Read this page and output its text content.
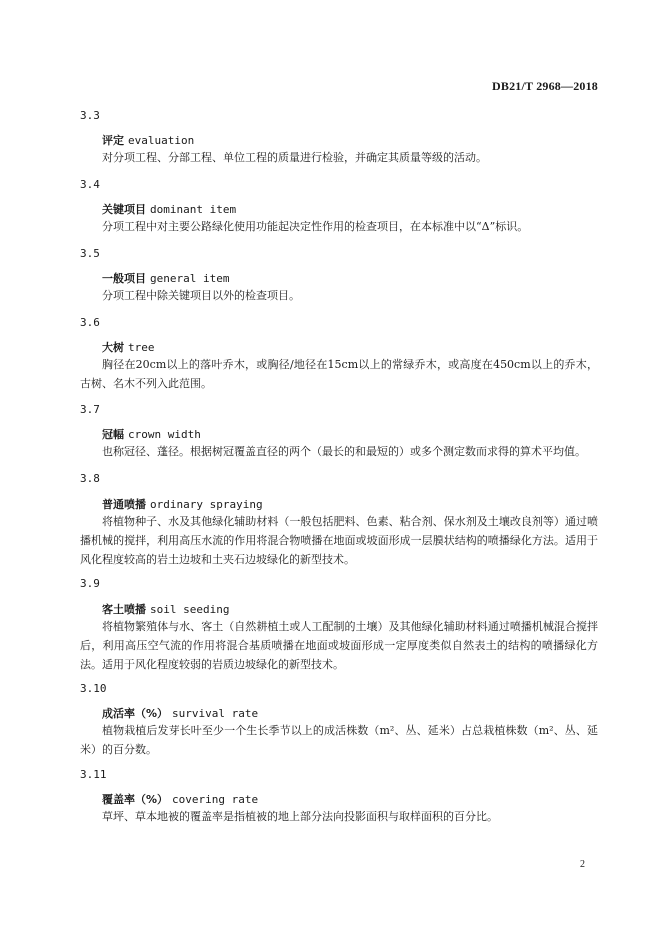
DB21/T 2968—2018
3.3
评定 evaluation

对分项工程、分部工程、单位工程的质量进行检验，并确定其质量等级的活动。

3.4
关键项目 dominant item

分项工程中对主要公路绿化使用功能起决定性作用的检查项目，在本标准中以“Δ”标识。

3.5
一般项目 general item

分项工程中除关键项目以外的检查项目。

3.6
大树 tree

胸径在20cm以上的落叶乔木，或胸径/地径在15cm以上的常绿乔木，或高度在450cm以上的乔木，古树、名木不列入此范围。

3.7
冠幅 crown width

也称冠径、蓬径。根据树冠覆盖直径的两个（最长的和最短的）或多个测定数而求得的算术平均值。

3.8
普通喷播 ordinary spraying

将植物种子、水及其他绿化辅助材料（一般包括肥料、色素、粘合剂、保水剂及土壤改良剂等）通过喷播机械的搅拌，利用高压水流的作用将混合物喷播在地面或坡面形成一层膜状结构的喷播绿化方法。适用于风化程度较高的岩土边坡和土夹石边坡绿化的新型技术。

3.9
客土喷播 soil seeding

将植物繁殖体与水、客土（自然耕植土或人工配制的土壤）及其他绿化辅助材料通过喷播机械混合搅拌后，利用高压空气流的作用将混合基质喷播在地面或坡面形成一定厚度类似自然表土的结构的喷播绿化方法。适用于风化程度较弱的岩质边坡绿化的新型技术。

3.10
成活率（%） survival rate

植物栽植后发芽长叶至少一个生长季节以上的成活株数（m²、丛、延米）占总栽植株数（m²、丛、延米）的百分数。

3.11
覆盖率（%） covering rate

草坪、草本地被的覆盖率是指植被的地上部分法向投影面积与取样面积的百分比。

2
